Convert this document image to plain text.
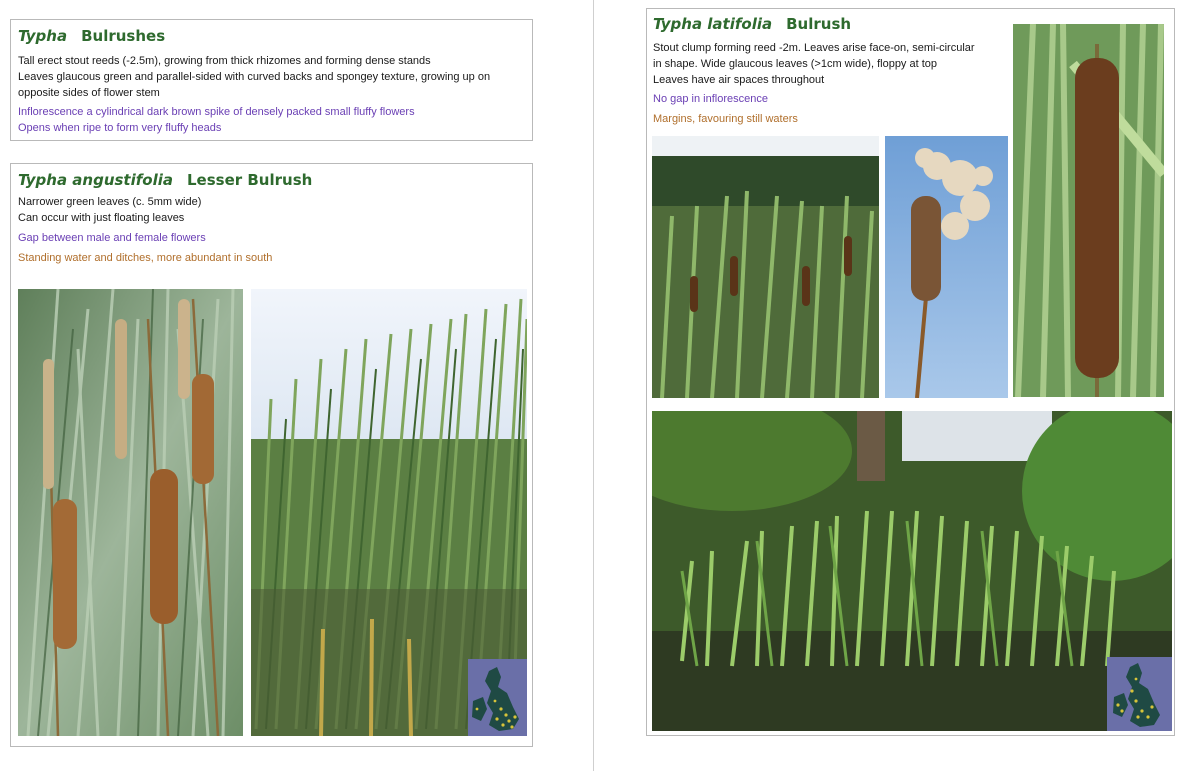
Typha Bulrushes
Tall erect stout reeds (-2.5m), growing from thick rhizomes and forming dense stands
Leaves glaucous green and parallel-sided with curved backs and spongey texture, growing up on
opposite sides of flower stem
Inflorescence a cylindrical dark brown spike of densely packed small fluffy flowers
Opens when ripe to form very fluffy heads
Typha angustifolia Lesser Bulrush
Narrower green leaves (c. 5mm wide)
Can occur with just floating leaves
Gap between male and female flowers
Standing water and ditches, more abundant in south
Typha latifolia Bulrush
Stout clump forming reed -2m. Leaves arise face-on, semi-circular
in shape. Wide glaucous leaves (>1cm wide), floppy at top
Leaves have air spaces throughout
No gap in inflorescence
Margins, favouring still waters
